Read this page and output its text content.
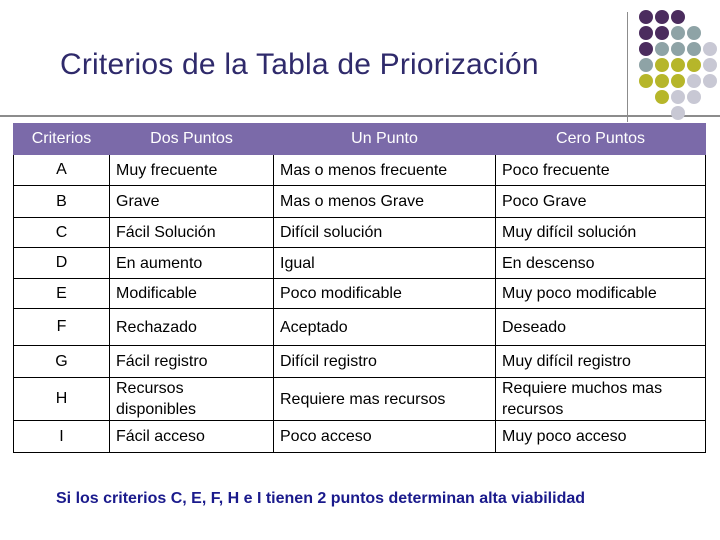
Criterios de la Tabla de Priorización
Criterios	Dos Puntos	Un Punto	Cero Puntos
A	Muy frecuente	Mas o menos frecuente	Poco frecuente
B	Grave	Mas o menos Grave	Poco Grave
C	Fácil Solución	Difícil solución	Muy difícil solución
D	En aumento	Igual	En descenso
E	Modificable	Poco modificable	Muy poco modificable
F	Rechazado	Aceptado	Deseado
G	Fácil registro	Difícil registro	Muy difícil registro
H	Recursos disponibles	Requiere mas recursos	Requiere muchos mas recursos
I	Fácil acceso	Poco acceso	Muy poco acceso
Si los criterios C, E, F, H e I tienen 2 puntos determinan alta viabilidad
